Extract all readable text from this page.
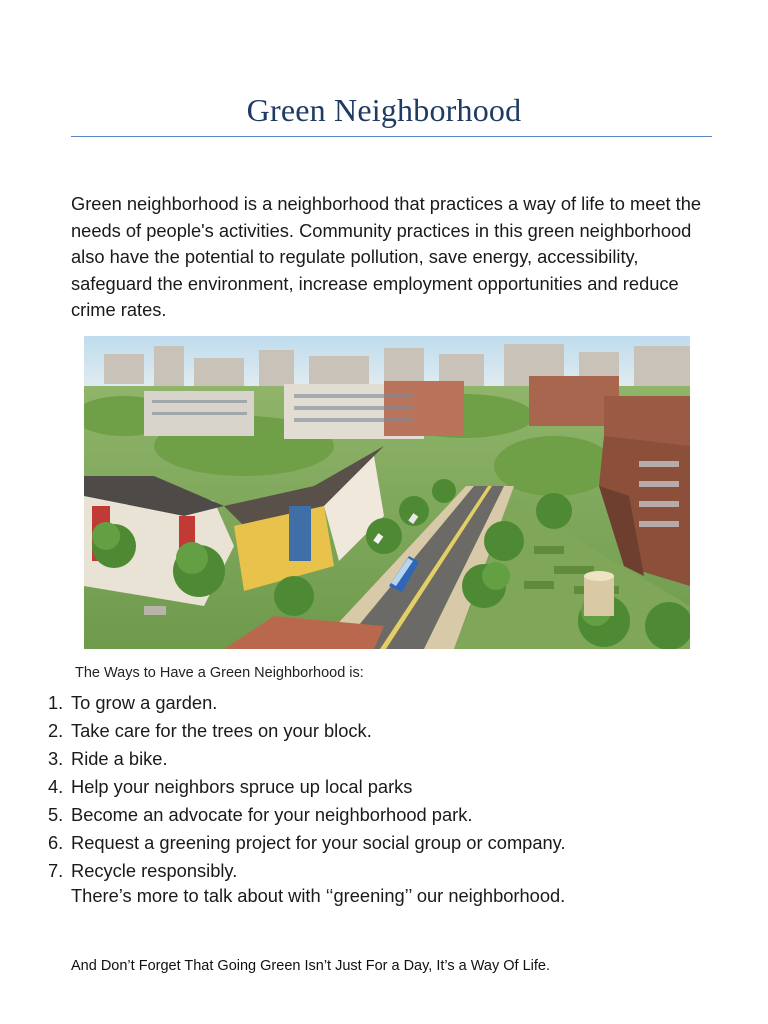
Green Neighborhood

Green neighborhood is a neighborhood that practices a way of life to meet the needs of people's activities. Community practices in this green neighborhood also have the potential to regulate pollution, save energy, accessibility, safeguard the environment, increase employment opportunities and reduce crime rates.

The Ways to Have a Green Neighborhood is:
1. To grow a garden.
2. Take care for the trees on your block.
3. Ride a bike.
4. Help your neighbors spruce up local parks
5. Become an advocate for your neighborhood park.
6. Request a greening project for your social group or company.
7. Recycle responsibly.
There’s more to talk about with ‘‘greening’’ our neighborhood.
And Don’t Forget That Going Green Isn’t Just For a Day, It’s a Way Of Life.
